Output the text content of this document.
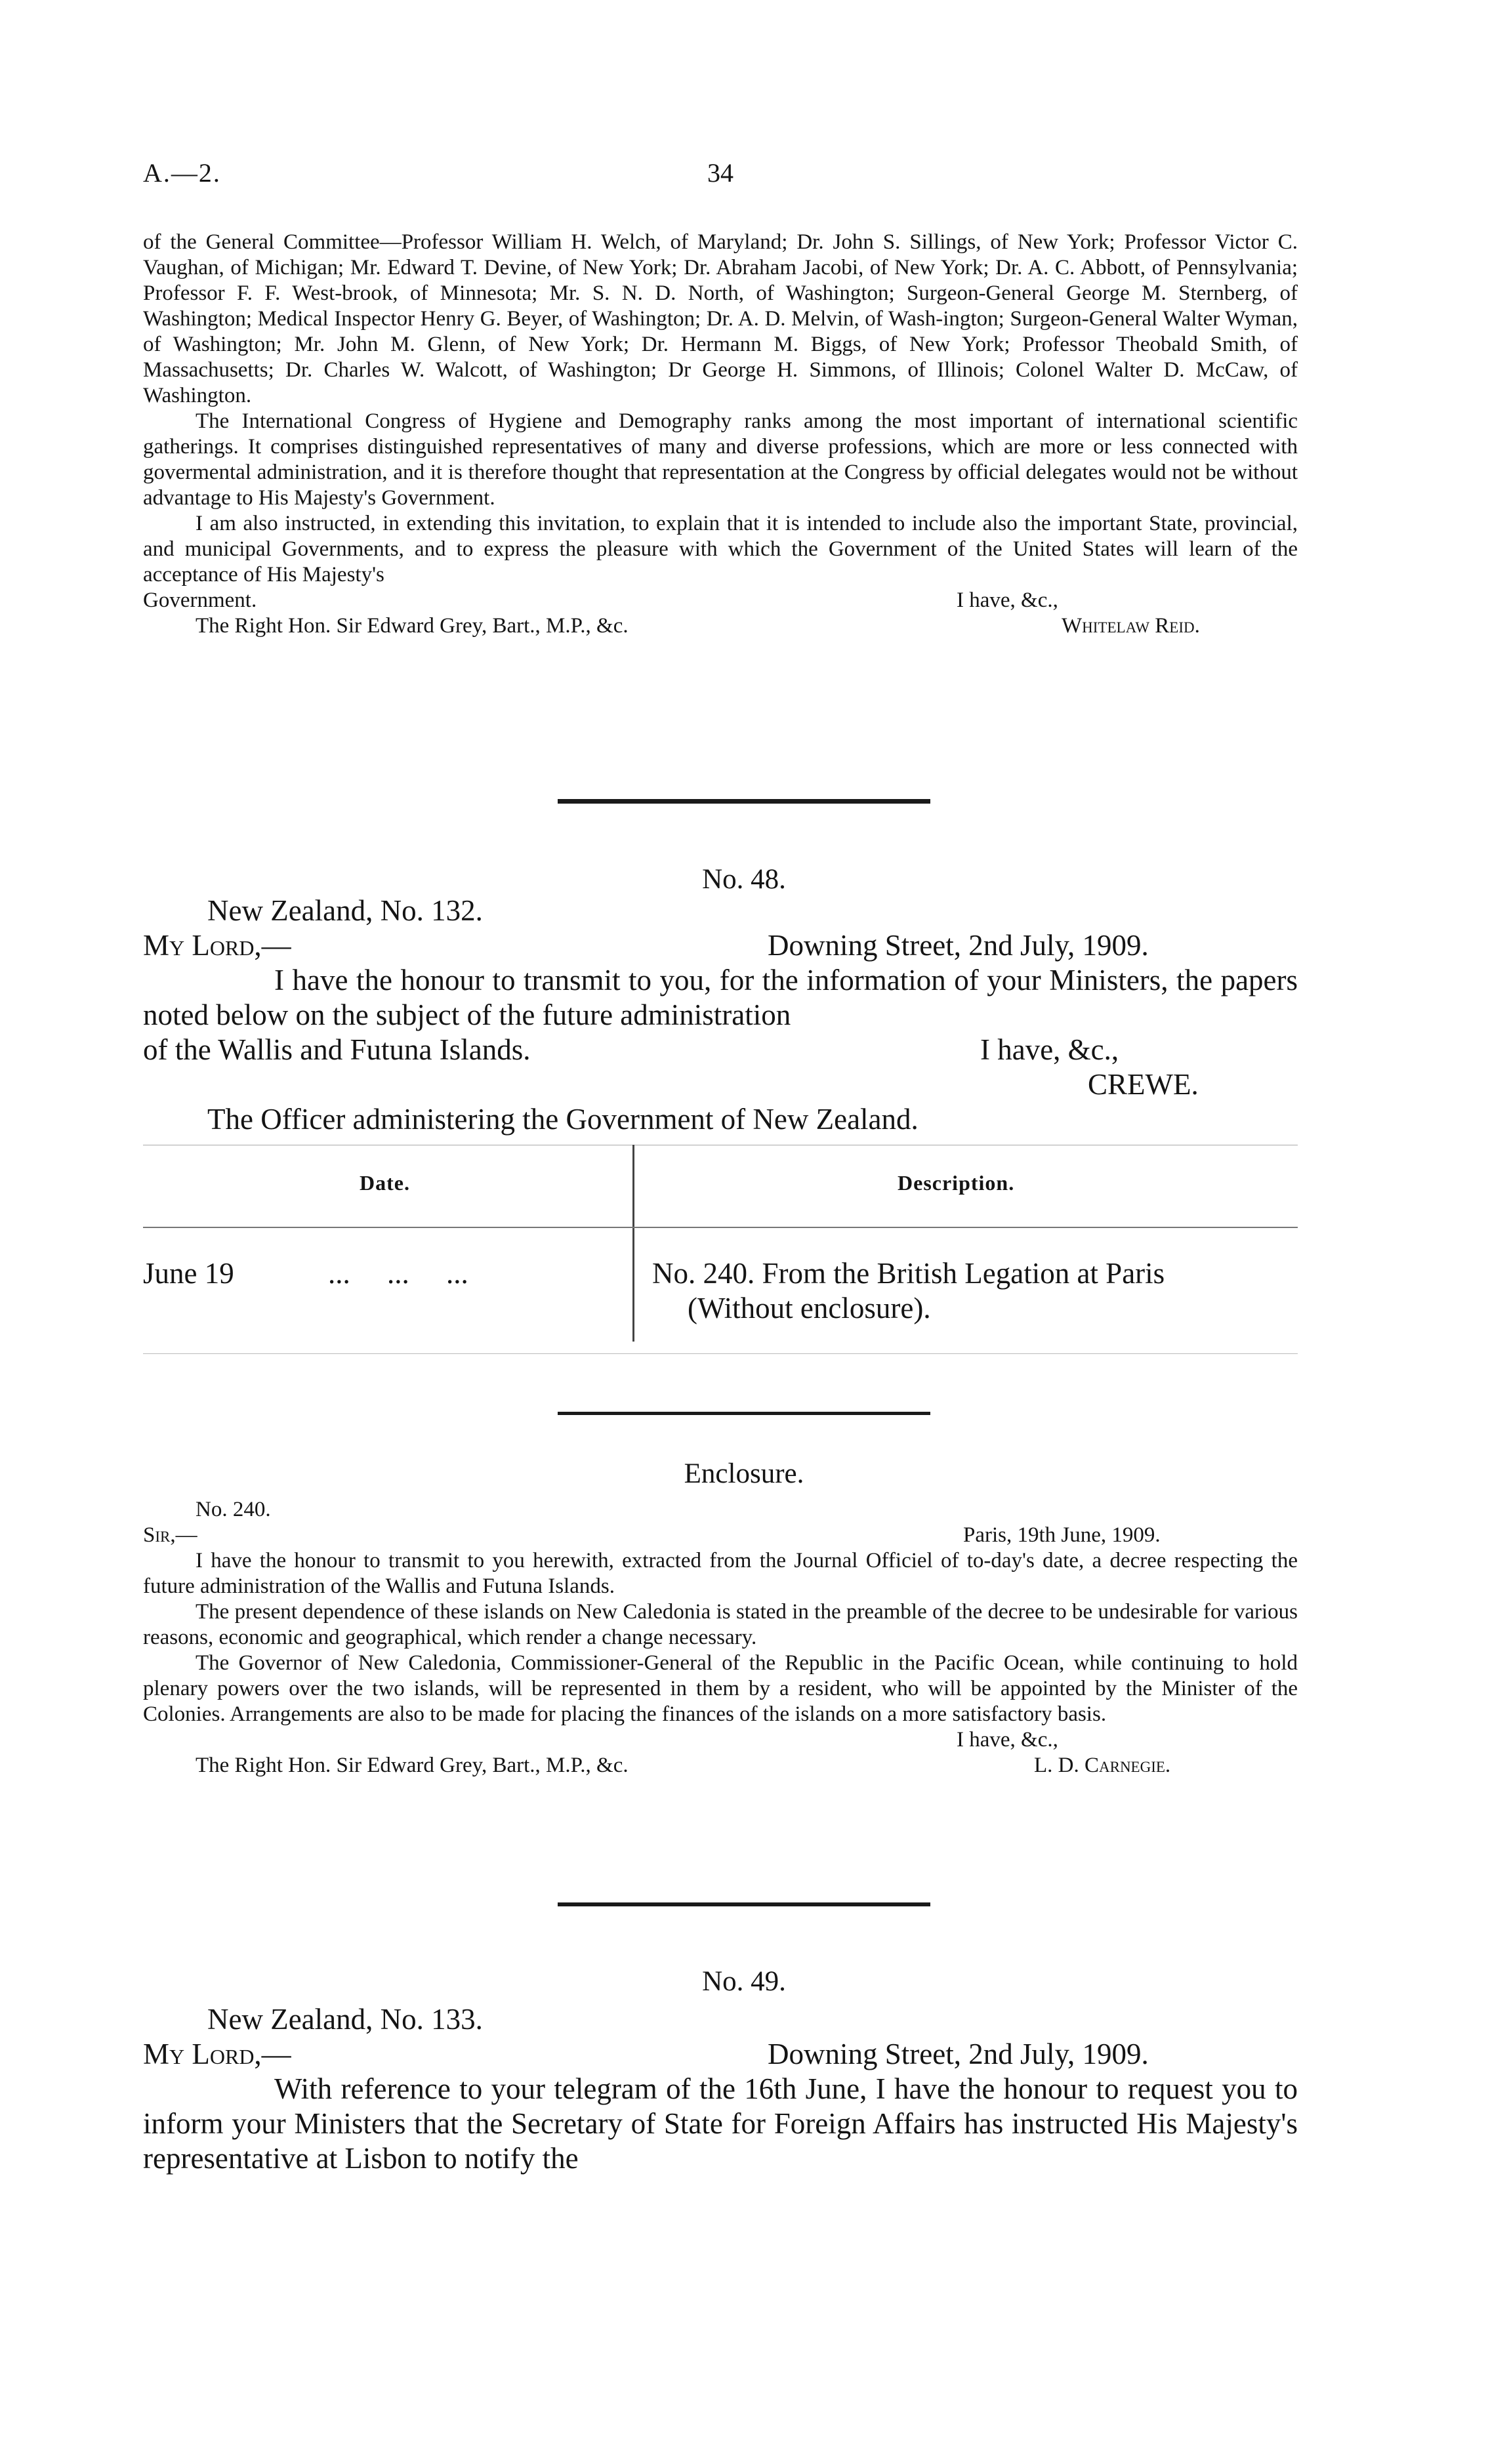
A.—2.	34

of the General Committee—Professor William H. Welch, of Maryland; Dr. John S. Sillings, of New York; Professor Victor C. Vaughan, of Michigan; Mr. Edward T. Devine, of New York; Dr. Abraham Jacobi, of New York; Dr. A. C. Abbott, of Pennsylvania; Professor F. F. West-brook, of Minnesota; Mr. S. N. D. North, of Washington; Surgeon-General George M. Sternberg, of Washington; Medical Inspector Henry G. Beyer, of Washington; Dr. A. D. Melvin, of Wash-ington; Surgeon-General Walter Wyman, of Washington; Mr. John M. Glenn, of New York; Dr. Hermann M. Biggs, of New York; Professor Theobald Smith, of Massachusetts; Dr. Charles W. Walcott, of Washington; Dr George H. Simmons, of Illinois; Colonel Walter D. McCaw, of Washington.

The International Congress of Hygiene and Demography ranks among the most important of international scientific gatherings. It comprises distinguished representatives of many and diverse professions, which are more or less connected with govermental administration, and it is therefore thought that representation at the Congress by official delegates would not be without advantage to His Majesty's Government.

I am also instructed, in extending this invitation, to explain that it is intended to include also the important State, provincial, and municipal Governments, and to express the pleasure with which the Government of the United States will learn of the acceptance of His Majesty's

Government.	I have, &c.,
The Right Hon. Sir Edward Grey, Bart., M.P., &c.	Whitelaw Reid.
No. 48.
New Zealand, No. 132.
My Lord,—	Downing Street, 2nd July, 1909.

I have the honour to transmit to you, for the information of your Ministers, the papers noted below on the subject of the future administration

of the Wallis and Futuna Islands.	I have, &c.,
CREWE.
The Officer administering the Government of New Zealand.
Date.	Description.
June 19	...     ...     ...	No. 240. From the British Legation at Paris
(Without enclosure).
Enclosure.
No. 240.
Sir,—	Paris, 19th June, 1909.

I have the honour to transmit to you herewith, extracted from the Journal Officiel of to-day's date, a decree respecting the future administration of the Wallis and Futuna Islands.

The present dependence of these islands on New Caledonia is stated in the preamble of the decree to be undesirable for various reasons, economic and geographical, which render a change necessary.

The Governor of New Caledonia, Commissioner-General of the Republic in the Pacific Ocean, while continuing to hold plenary powers over the two islands, will be represented in them by a resident, who will be appointed by the Minister of the Colonies. Arrangements are also to be made for placing the finances of the islands on a more satisfactory basis.

I have, &c.,
The Right Hon. Sir Edward Grey, Bart., M.P., &c.	L. D. Carnegie.
No. 49.
New Zealand, No. 133.
My Lord,—	Downing Street, 2nd July, 1909.

With reference to your telegram of the 16th June, I have the honour to request you to inform your Ministers that the Secretary of State for Foreign Affairs has instructed His Majesty's representative at Lisbon to notify the
